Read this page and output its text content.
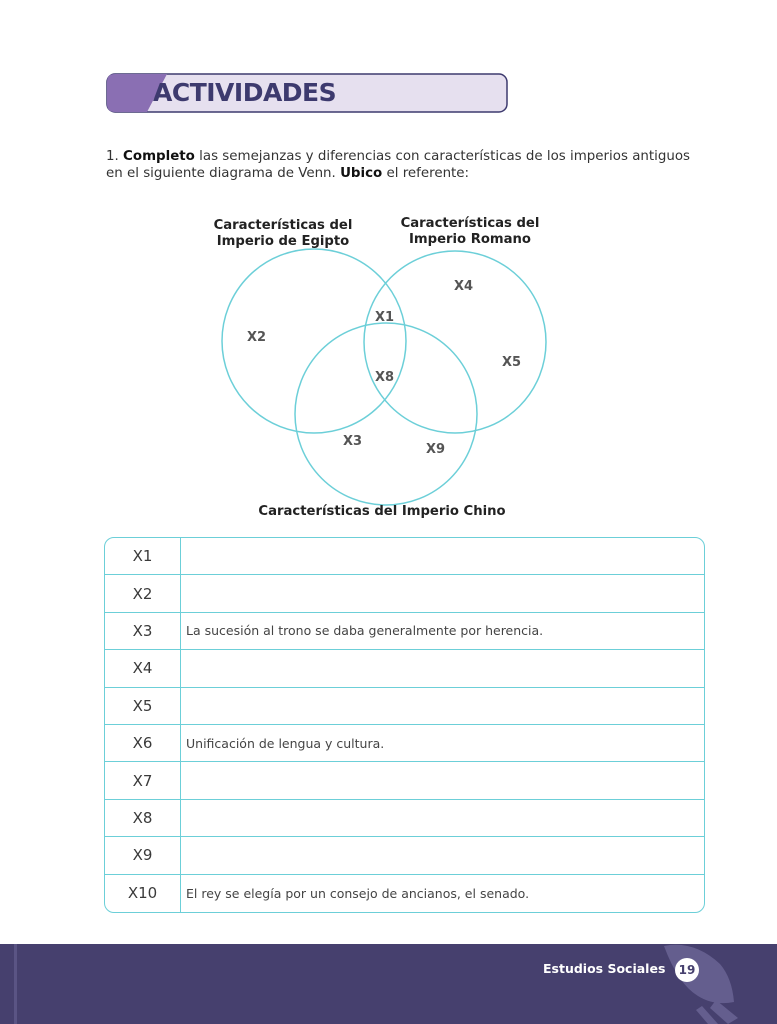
ACTIVIDADES
1. Completo las semejanzas y diferencias con características de los imperios antiguos en el siguiente diagrama de Venn. Ubico el referente:
Características del Imperio de Egipto
Características del Imperio Romano
X1
X2
X3
X4
X5
X8
X9
Características del Imperio Chino
X1
X2
X3	La sucesión al trono se daba generalmente por herencia.
X4
X5
X6	Unificación de lengua y cultura.
X7
X8
X9
X10	El rey se elegía por un consejo de ancianos, el senado.
Estudios Sociales	19
